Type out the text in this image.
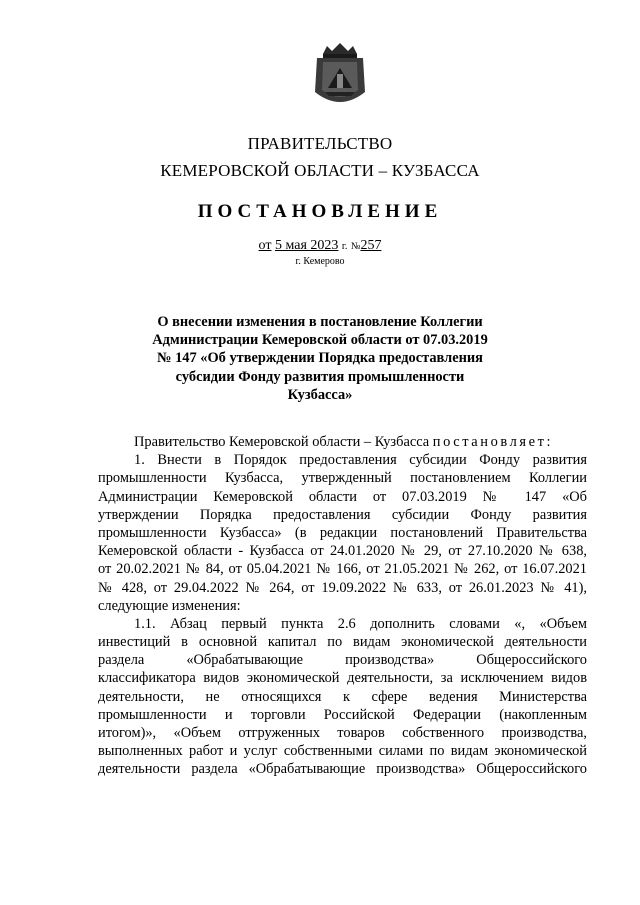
ПРАВИТЕЛЬСТВО
КЕМЕРОВСКОЙ ОБЛАСТИ – КУЗБАССА
ПОСТАНОВЛЕНИЕ
от 5 мая 2023 г. №257
г. Кемерово
О внесении изменения в постановление Коллегии
Администрации Кемеровской области от 07.03.2019
№ 147 «Об утверждении Порядка предоставления
субсидии Фонду развития промышленности
Кузбасса»
Правительство Кемеровской области – Кузбасса постановляет:
1. Внести в Порядок предоставления субсидии Фонду развития
промышленности Кузбасса, утвержденный постановлением Коллегии
Администрации Кемеровской области от 07.03.2019 № 147 «Об
утверждении Порядка предоставления субсидии Фонду развития
промышленности Кузбасса» (в редакции постановлений Правительства
Кемеровской области - Кузбасса от 24.01.2020 № 29, от 27.10.2020 № 638,
от 20.02.2021 № 84, от 05.04.2021 № 166, от 21.05.2021 № 262, от 16.07.2021
№ 428, от 29.04.2022 № 264, от 19.09.2022 № 633, от 26.01.2023 № 41),
следующие изменения:
1.1. Абзац первый пункта 2.6 дополнить словами «, «Объем
инвестиций в основной капитал по видам экономической деятельности
раздела «Обрабатывающие производства» Общероссийского
классификатора видов экономической деятельности, за исключением видов
деятельности, не относящихся к сфере ведения Министерства
промышленности и торговли Российской Федерации (накопленным
итогом)», «Объем отгруженных товаров собственного производства,
выполненных работ и услуг собственными силами по видам экономической
деятельности раздела «Обрабатывающие производства» Общероссийского
